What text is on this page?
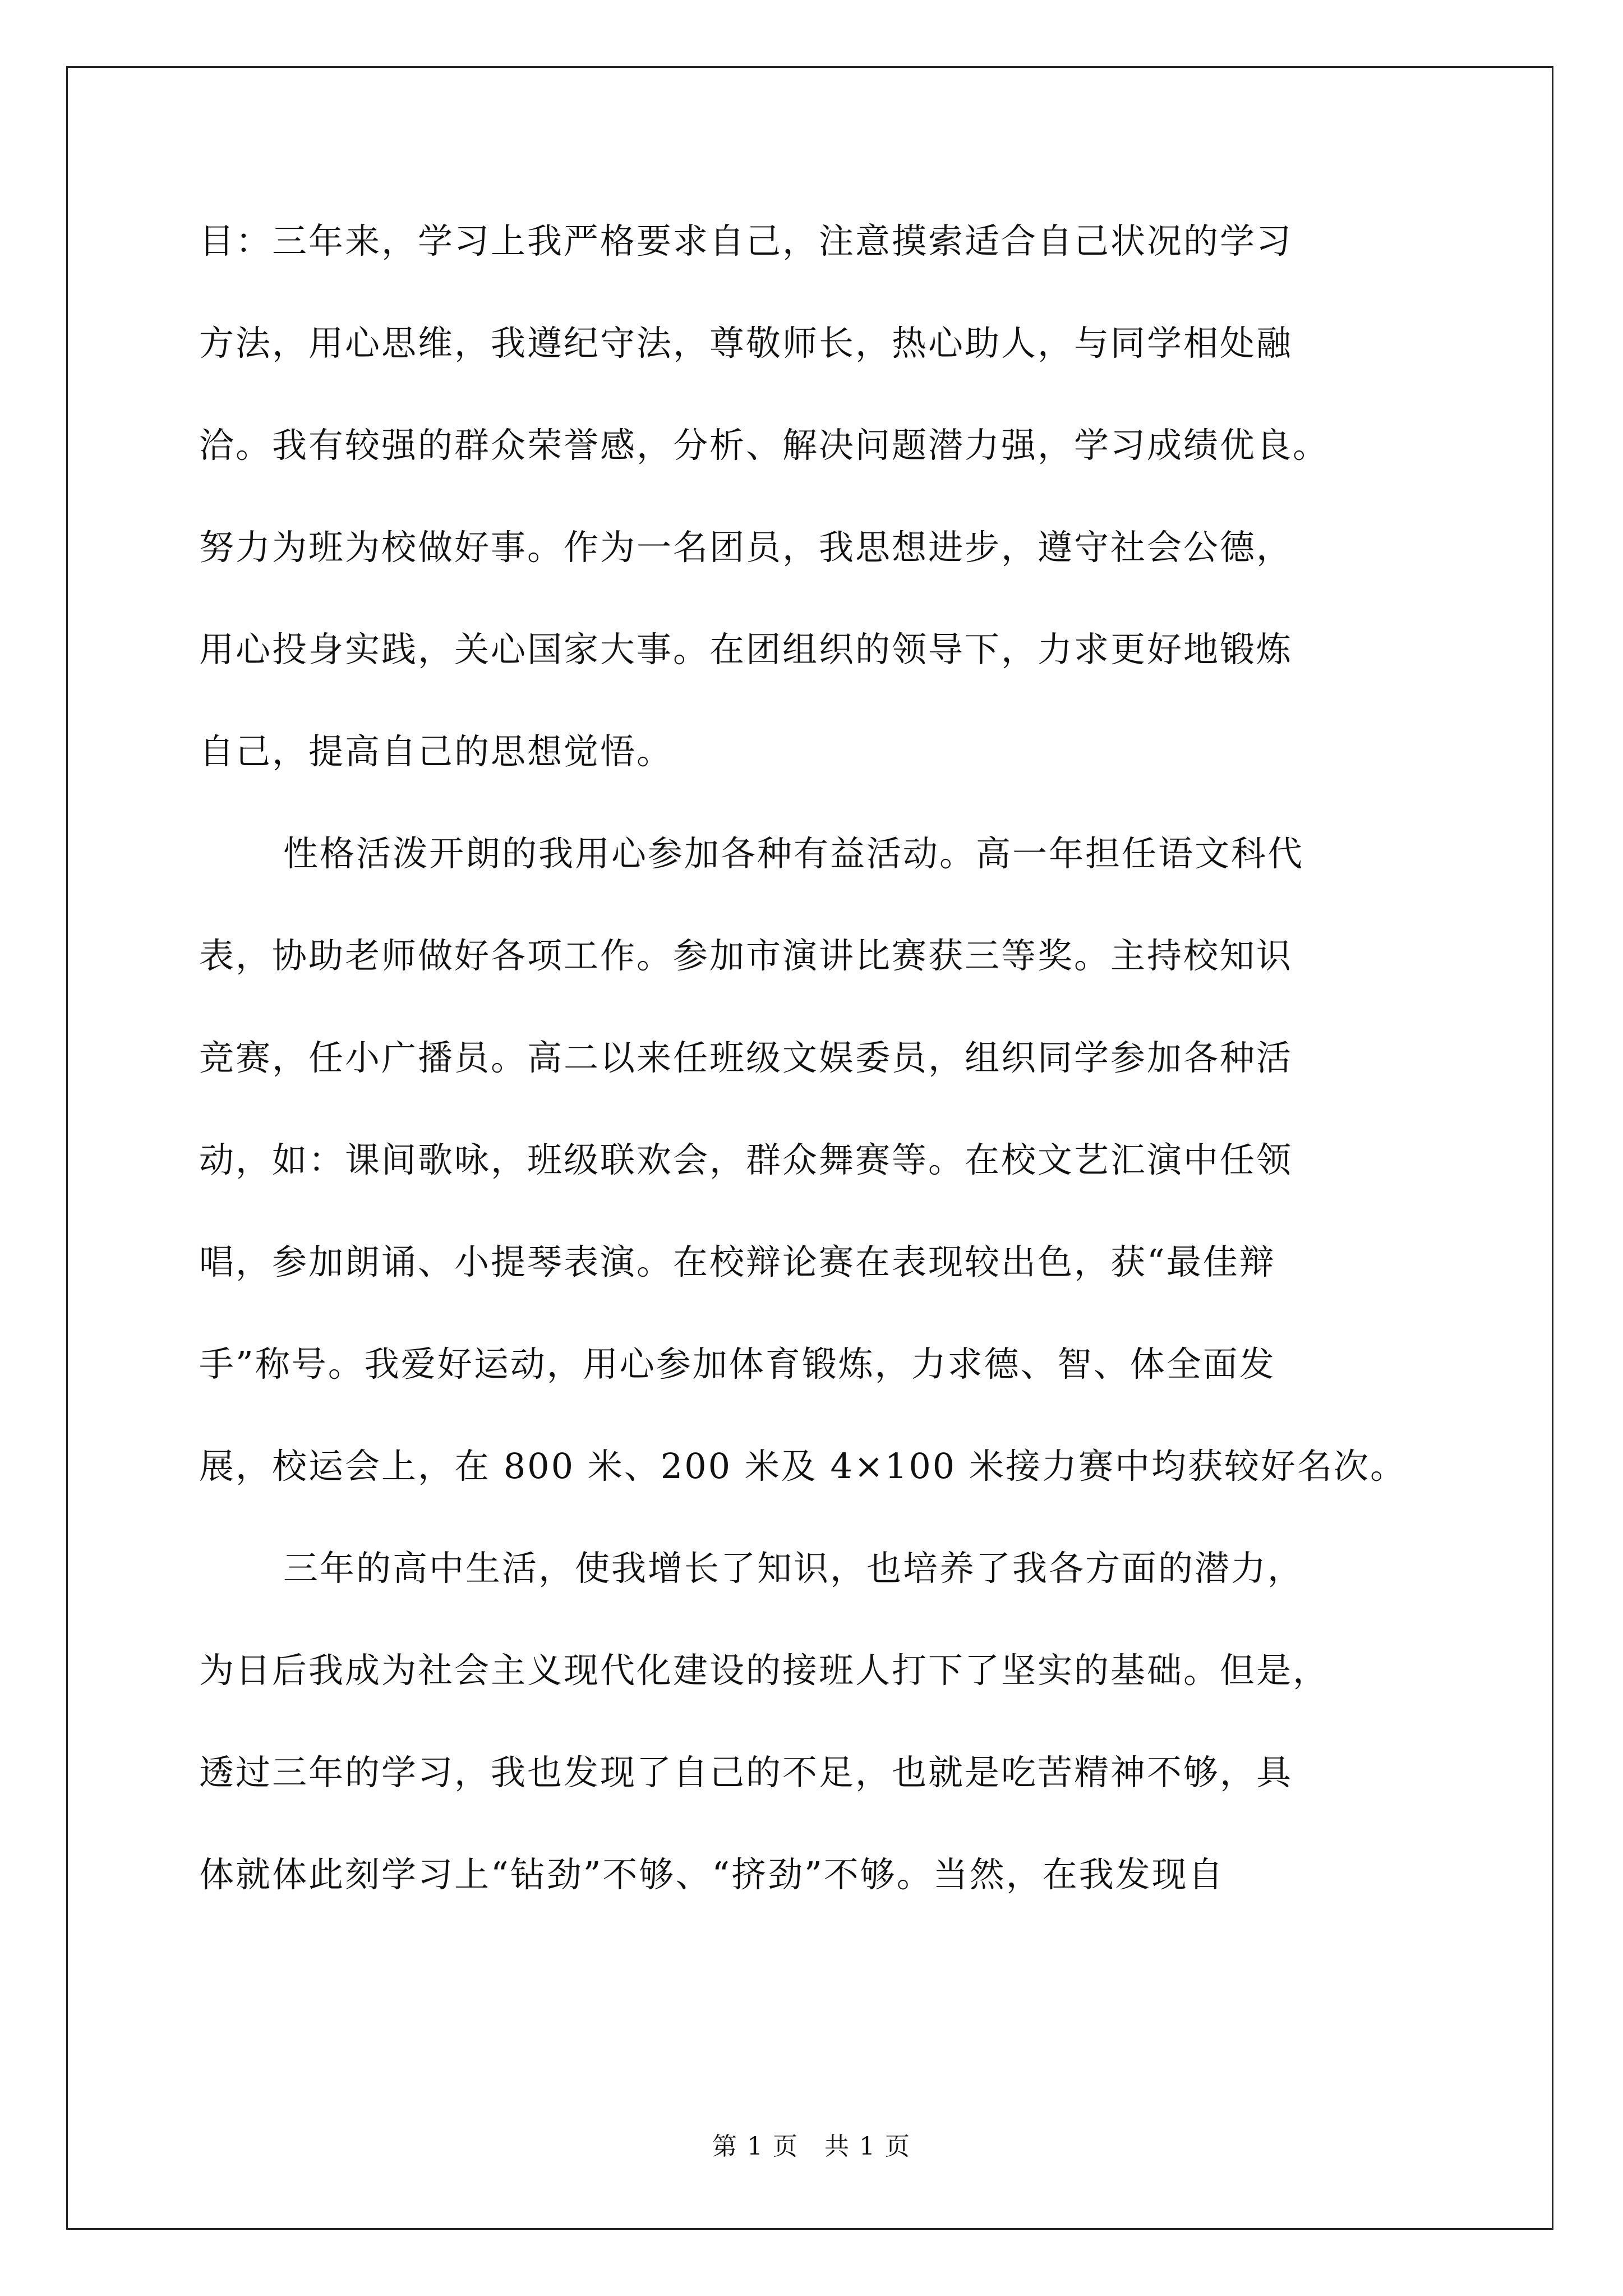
目：三年来，学习上我严格要求自己，注意摸索适合自己状况的学习
方法，用心思维，我遵纪守法，尊敬师长，热心助人，与同学相处融
洽。我有较强的群众荣誉感，分析、解决问题潜力强，学习成绩优良。
努力为班为校做好事。作为一名团员，我思想进步，遵守社会公德，
用心投身实践，关心国家大事。在团组织的领导下，力求更好地锻炼
自己，提高自己的思想觉悟。
性格活泼开朗的我用心参加各种有益活动。高一年担任语文科代
表，协助老师做好各项工作。参加市演讲比赛获三等奖。主持校知识
竞赛，任小广播员。高二以来任班级文娱委员，组织同学参加各种活
动，如：课间歌咏，班级联欢会，群众舞赛等。在校文艺汇演中任领
唱，参加朗诵、小提琴表演。在校辩论赛在表现较出色，获“最佳辩
手”称号。我爱好运动，用心参加体育锻炼，力求德、智、体全面发
展，校运会上，在 800 米、200 米及 4×100 米接力赛中均获较好名次。
三年的高中生活，使我增长了知识，也培养了我各方面的潜力，
为日后我成为社会主义现代化建设的接班人打下了坚实的基础。但是，
透过三年的学习，我也发现了自己的不足，也就是吃苦精神不够，具
体就体此刻学习上“钻劲”不够、“挤劲”不够。当然，在我发现自
第 1 页　共 1 页
